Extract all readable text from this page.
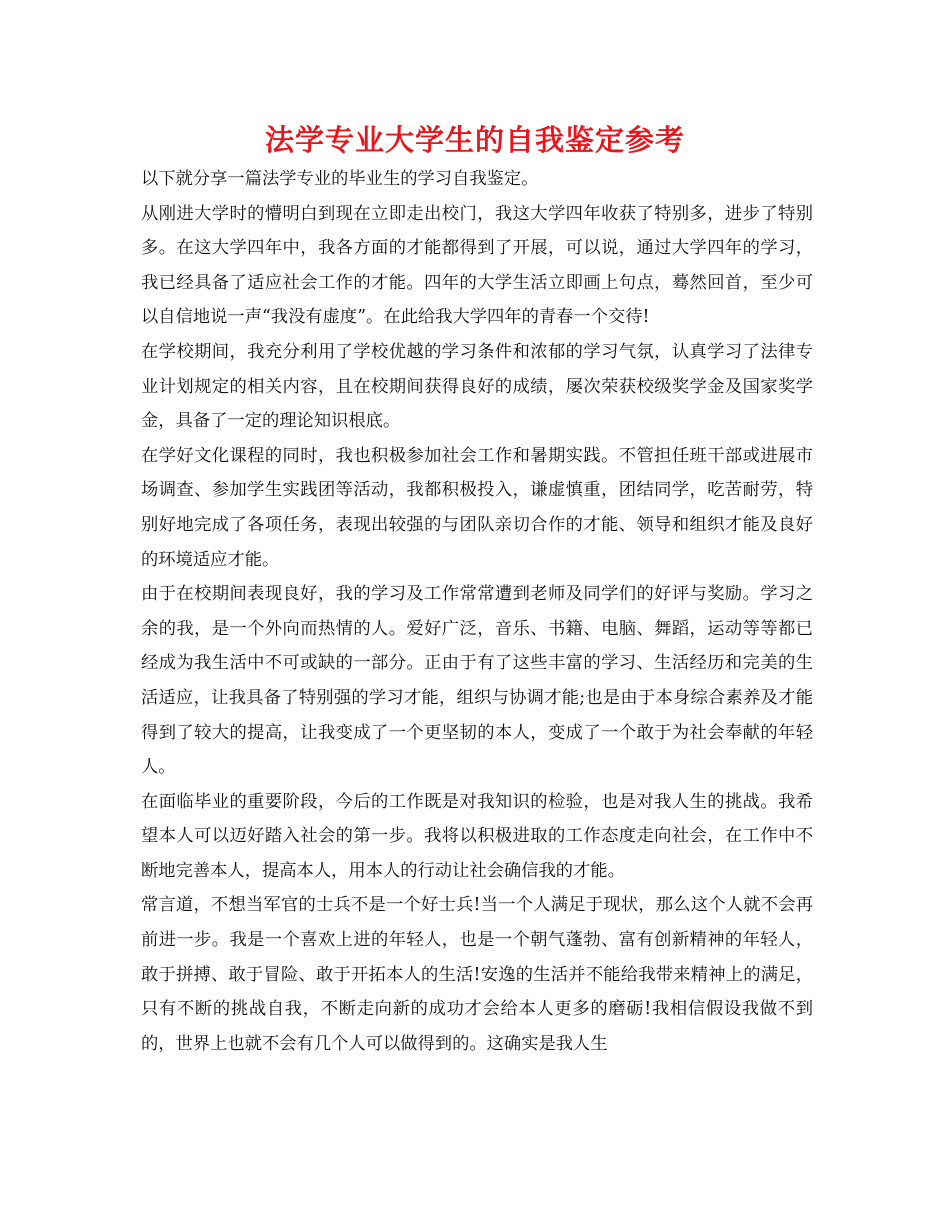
法学专业大学生的自我鉴定参考

以下就分享一篇法学专业的毕业生的学习自我鉴定。

从刚进大学时的懵明白到现在立即走出校门，我这大学四年收获了特别多，进步了特别多。在这大学四年中，我各方面的才能都得到了开展，可以说，通过大学四年的学习，我已经具备了适应社会工作的才能。四年的大学生活立即画上句点，蓦然回首，至少可以自信地说一声“我没有虚度”。在此给我大学四年的青春一个交待!

在学校期间，我充分利用了学校优越的学习条件和浓郁的学习气氛，认真学习了法律专业计划规定的相关内容，且在校期间获得良好的成绩，屡次荣获校级奖学金及国家奖学金，具备了一定的理论知识根底。

在学好文化课程的同时，我也积极参加社会工作和暑期实践。不管担任班干部或进展市场调查、参加学生实践团等活动，我都积极投入，谦虚慎重，团结同学，吃苦耐劳，特别好地完成了各项任务，表现出较强的与团队亲切合作的才能、领导和组织才能及良好的环境适应才能。

由于在校期间表现良好，我的学习及工作常常遭到老师及同学们的好评与奖励。学习之余的我，是一个外向而热情的人。爱好广泛，音乐、书籍、电脑、舞蹈，运动等等都已经成为我生活中不可或缺的一部分。正由于有了这些丰富的学习、生活经历和完美的生活适应，让我具备了特别强的学习才能，组织与协调才能;也是由于本身综合素养及才能得到了较大的提高，让我变成了一个更坚韧的本人，变成了一个敢于为社会奉献的年轻人。

在面临毕业的重要阶段，今后的工作既是对我知识的检验，也是对我人生的挑战。我希望本人可以迈好踏入社会的第一步。我将以积极进取的工作态度走向社会，在工作中不断地完善本人，提高本人，用本人的行动让社会确信我的才能。

常言道，不想当军官的士兵不是一个好士兵!当一个人满足于现状，那么这个人就不会再前进一步。我是一个喜欢上进的年轻人，也是一个朝气蓬勃、富有创新精神的年轻人，敢于拼搏、敢于冒险、敢于开拓本人的生活!安逸的生活并不能给我带来精神上的满足，只有不断的挑战自我，不断走向新的成功才会给本人更多的磨砺!我相信假设我做不到的，世界上也就不会有几个人可以做得到的。这确实是我人生
